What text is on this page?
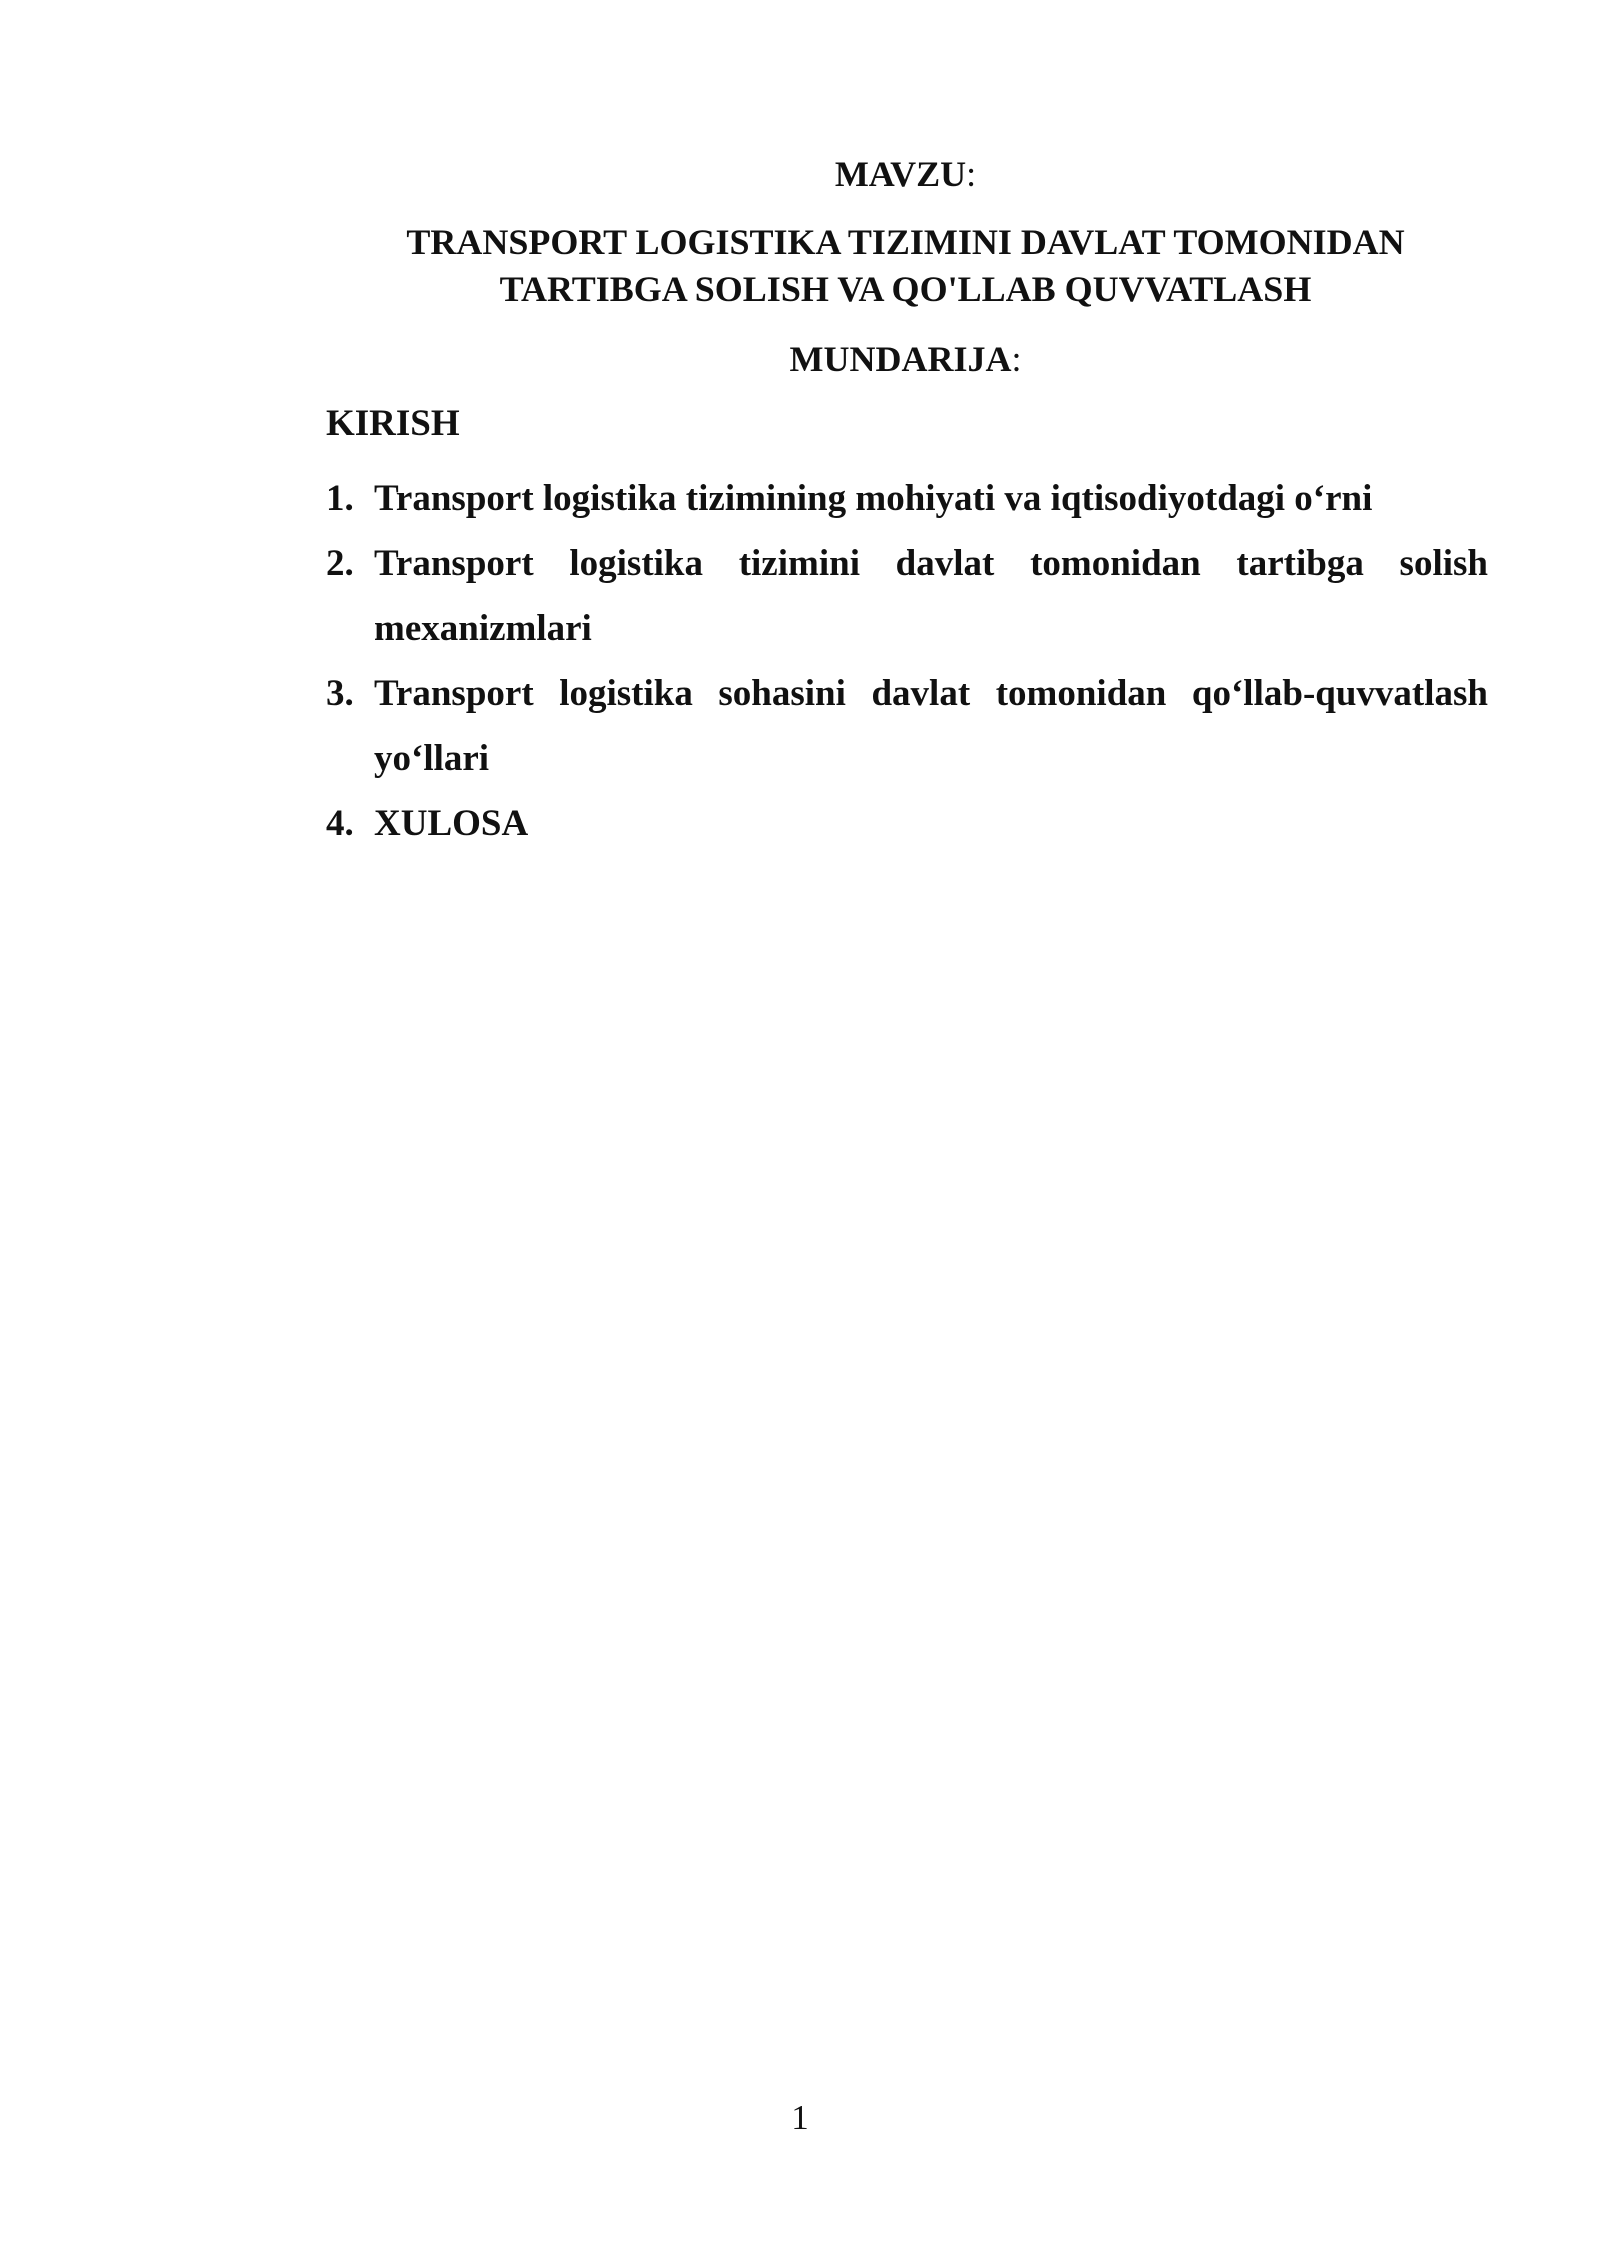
MAVZU:
TRANSPORT LOGISTIKA TIZIMINI DAVLAT TOMONIDAN TARTIBGA SOLISH VA QO'LLAB QUVVATLASH
MUNDARIJA:
KIRISH
1. Transport logistika tizimining mohiyati va iqtisodiyotdagi o‘rni
2. Transport logistika tizimini davlat tomonidan tartibga solish mexanizmlari
3. Transport logistika sohasini davlat tomonidan qo‘llab-quvvatlash yo‘llari
4. XULOSA
1
